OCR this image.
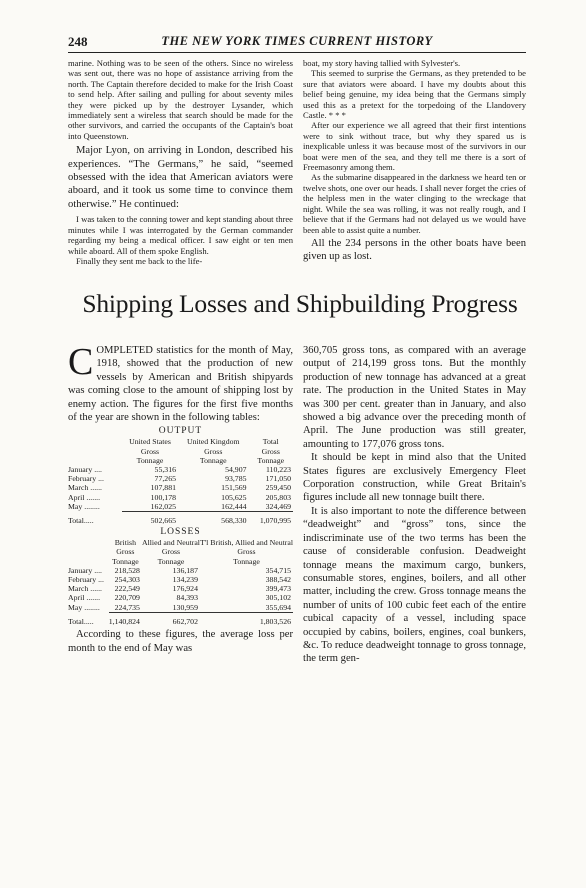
248	THE NEW YORK TIMES CURRENT HISTORY

marine. Nothing was to be seen of the others. Since no wireless was sent out, there was no hope of assistance arriving from the north. The Captain therefore decided to make for the Irish Coast to send help. After sailing and pulling for about seventy miles they were picked up by the destroyer Lysander, which immediately sent a wireless that search should be made for the other survivors, and carried the occupants of the Captain's boat into Queenstown.

Major Lyon, on arriving in London, described his experiences. “The Germans,” he said, “seemed obsessed with the idea that American aviators were aboard, and it took us some time to convince them otherwise.” He continued:

I was taken to the conning tower and kept standing about three minutes while I was interrogated by the German commander regarding my being a medical officer. I saw eight or ten men while aboard. All of them spoke English.

Finally they sent me back to the life-

boat, my story having tallied with Sylvester's.

This seemed to surprise the Germans, as they pretended to be sure that aviators were aboard. I have my doubts about this belief being genuine, my idea being that the Germans simply used this as a pretext for the torpedoing of the Llandovery Castle. * * *

After our experience we all agreed that their first intentions were to sink without trace, but why they spared us is inexplicable unless it was because most of the survivors in our boat were men of the sea, and they tell me there is a sort of Freemasonry among them.

As the submarine disappeared in the darkness we heard ten or twelve shots, one over our heads. I shall never forget the cries of the helpless men in the water clinging to the wreckage that night. While the sea was rolling, it was not really rough, and I believe that if the Germans had not delayed us we would have been able to assist quite a number.

All the 234 persons in the other boats have been given up as lost.

Shipping Losses and Shipbuilding Progress

COMPLETED statistics for the month of May, 1918, showed that the production of new vessels by American and British shipyards was coming close to the amount of shipping lost by enemy action. The figures for the first five months of the year are shown in the following tables:

OUTPUT
	United States
Gross
Tonnage	United Kingdom
Gross
Tonnage	Total
Gross
Tonnage
January ....	55,316	54,907	110,223
February ...	77,265	93,785	171,050
March ......	107,881	151,569	259,450
April .......	100,178	105,625	205,803
May ........	162,025	162,444	324,469
Total.....	502,665	568,330	1,070,995
LOSSES
	British
Gross
Tonnage	Allied and Neutral
Gross
Tonnage	T'l British, Allied and Neutral
Gross
Tonnage
January ....	218,528	136,187	354,715
February ...	254,303	134,239	388,542
March ......	222,549	176,924	399,473
April .......	220,709	84,393	305,102
May ........	224,735	130,959	355,694
Total.....	1,140,824	662,702	1,803,526

According to these figures, the average loss per month to the end of May was

360,705 gross tons, as compared with an average output of 214,199 gross tons. But the monthly production of new tonnage has advanced at a great rate. The production in the United States in May was 300 per cent. greater than in January, and also showed a big advance over the preceding month of April. The June production was still greater, amounting to 177,076 gross tons.

It should be kept in mind also that the United States figures are exclusively Emergency Fleet Corporation construction, while Great Britain's figures include all new tonnage built there.

It is also important to note the difference between “deadweight” and “gross” tons, since the indiscriminate use of the two terms has been the cause of considerable confusion. Deadweight tonnage means the maximum cargo, bunkers, consumable stores, engines, boilers, and all other matter, including the crew. Gross tonnage means the number of units of 100 cubic feet each of the entire cubical capacity of a vessel, including space occupied by cabins, boilers, engines, coal bunkers, &c. To reduce deadweight tonnage to gross tonnage, the term gen-
